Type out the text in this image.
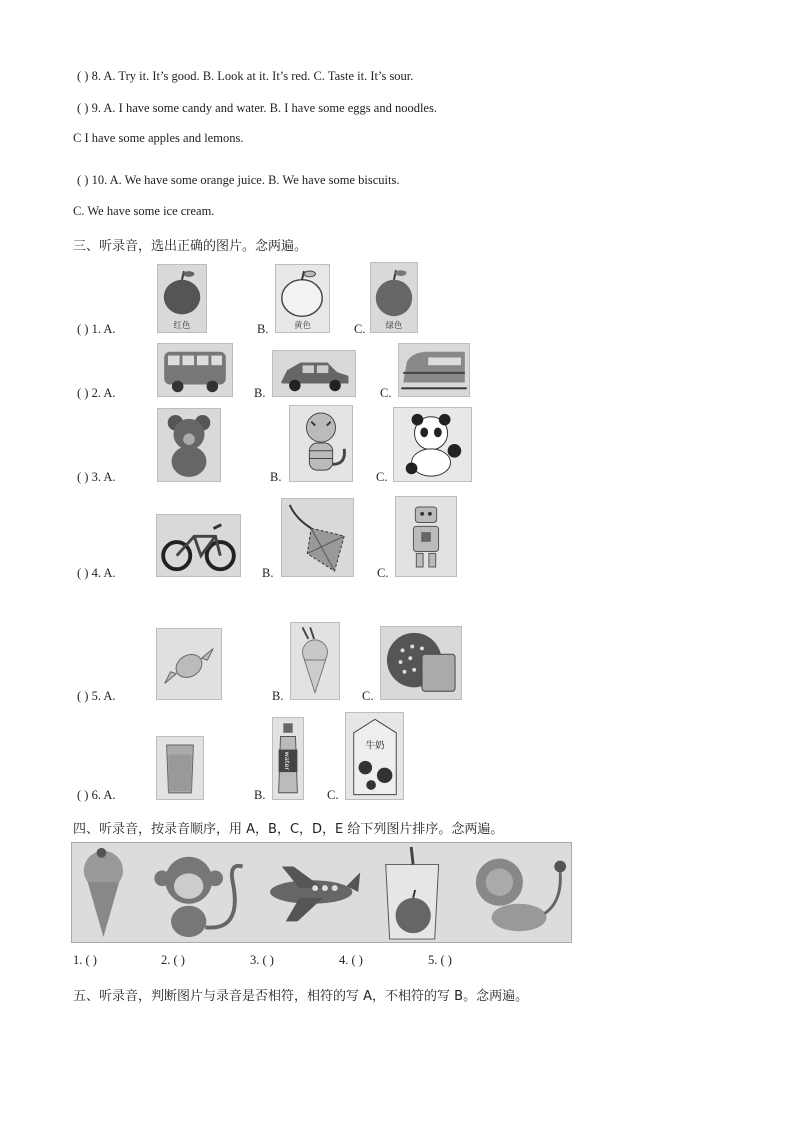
( ) 8. A. Try it. It’s good. B. Look at it. It’s red. C. Taste it. It’s sour.
( ) 9. A. I have some candy and water. B. I have some eggs and noodles.
C I have some apples and lemons.
( ) 10. A. We have some orange juice. B. We have some biscuits.
C. We have some ice cream.
三、听录音，选出正确的图片。念两遍。
红色	黄色	绿色
( ) 1. A.	B.	C.
( ) 2. A.	B.	C.
( ) 3. A.	B.	C.
( ) 4. A.	B.	C.
( ) 5. A.	B.	C.
water
牛奶
( ) 6. A.	B.	C.
四、听录音，按录音顺序，用 A，B，C，D，E 给下列图片排序。念两遍。
1. ( )	2. ( )	3. ( )	4. ( )	5. ( )
五、听录音，判断图片与录音是否相符，相符的写 A，不相符的写 B。念两遍。
